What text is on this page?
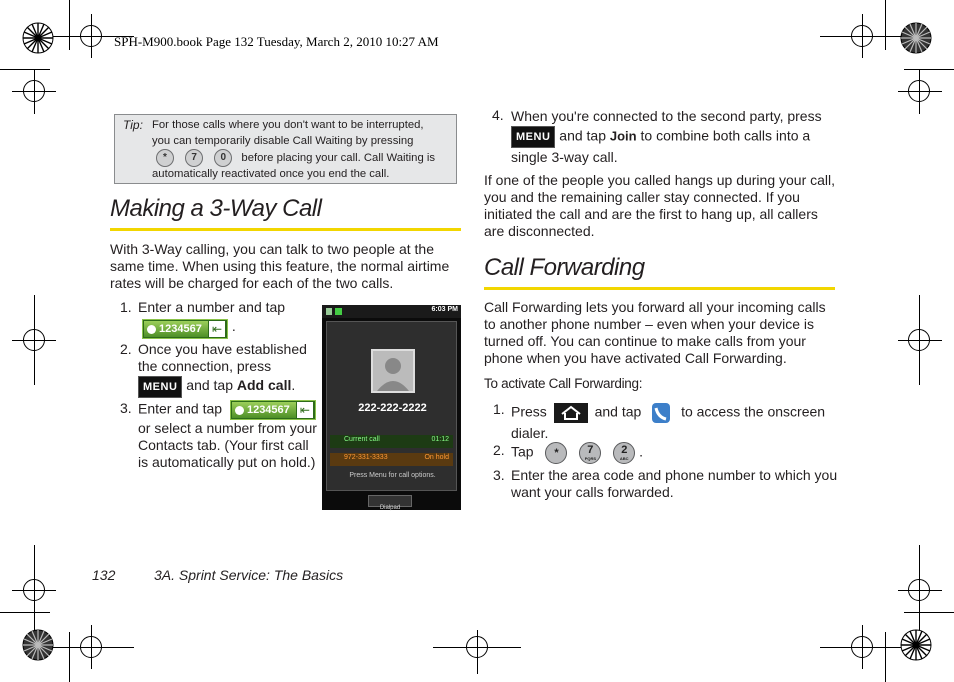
SPH-M900.book Page 132 Tuesday, March 2, 2010 10:27 AM
Tip: For those calls where you don't want to be interrupted,
you can temporarily disable Call Waiting by pressing

*
	7
	0	before placing your call. Call Waiting is
automatically reactivated once you end the call.
Making a 3-Way Call
With 3-Way calling, you can talk to two people at the same time. When using this feature, the normal airtime rates will be charged for each of the two calls.
1. Enter a number and tap

1234567 ⇤ .
2. Once you have established the connection, press
MENU and tap Add call.
3. Enter and tap	1234567 ⇤
or select a number from your Contacts tab. (Your first call is automatically put on hold.)
6:03 PM
222-222-2222
Current call	01:12
972-331-3333	On hold
Press Menu for call options.
Dialpad
4. When you're connected to the second party, press
MENU and tap Join to combine both calls into a single 3-way call.
If one of the people you called hangs up during your call, you and the remaining caller stay connected. If you initiated the call and are the first to hang up, all callers are disconnected.
Call Forwarding
Call Forwarding lets you forward all your incoming calls to another phone number – even when your device is turned off. You can continue to make calls from your phone when you have activated Call Forwarding.
To activate Call Forwarding:
1. Press	and tap	to access the onscreen dialer.
2. Tap *	7

PQRS
2

ABC .
3. Enter the area code and phone number to which you want your calls forwarded.
132	3A. Sprint Service: The Basics
